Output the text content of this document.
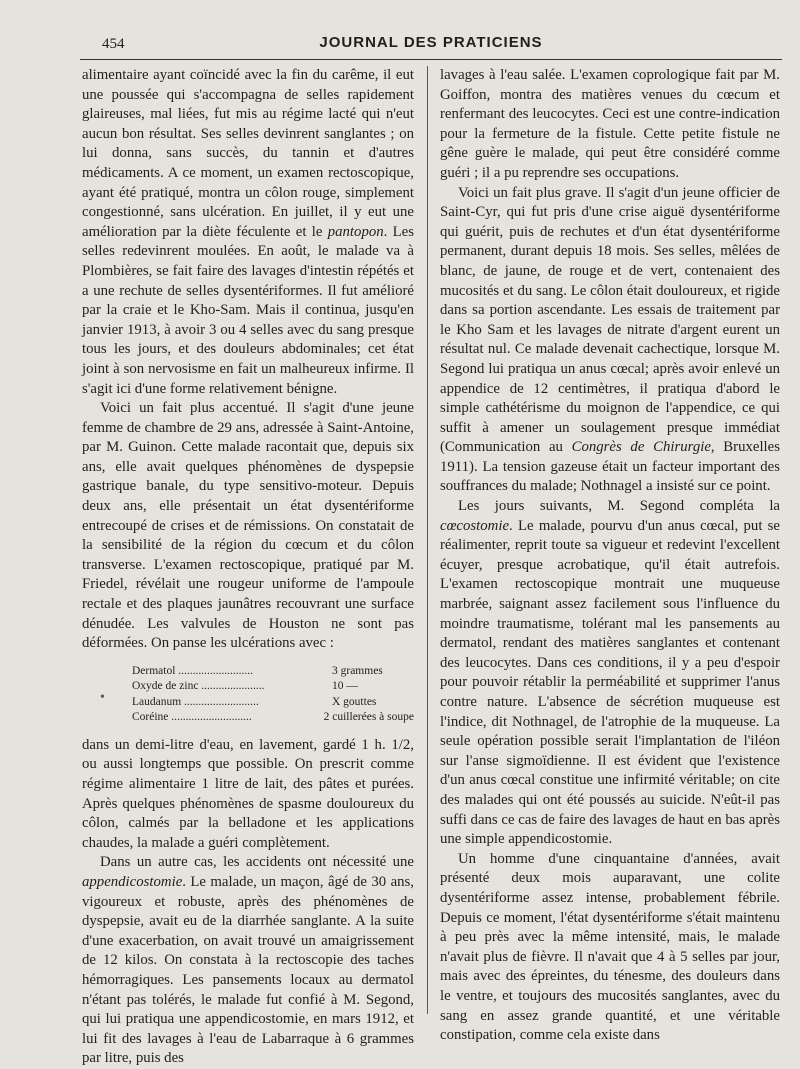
454	JOURNAL DES PRATICIENS

alimentaire ayant coïncidé avec la fin du carême, il eut une poussée qui s'accompagna de selles rapidement glaireuses, mal liées, fut mis au régime lacté qui n'eut aucun bon résultat. Ses selles devinrent sanglantes ; on lui donna, sans succès, du tannin et d'autres médicaments. A ce moment, un examen rectoscopique, ayant été pratiqué, montra un côlon rouge, simplement congestionné, sans ulcération. En juillet, il y eut une amélioration par la diète féculente et le pantopon. Les selles redevinrent moulées. En août, le malade va à Plombières, se fait faire des lavages d'intestin répétés et a une rechute de selles dysentériformes. Il fut amélioré par la craie et le Kho-Sam. Mais il continua, jusqu'en janvier 1913, à avoir 3 ou 4 selles avec du sang presque tous les jours, et des douleurs abdominales; cet état joint à son nervosisme en fait un malheureux infirme. Il s'agit ici d'une forme relativement bénigne.

Voici un fait plus accentué. Il s'agit d'une jeune femme de chambre de 29 ans, adressée à Saint-Antoine, par M. Guinon. Cette malade racontait que, depuis six ans, elle avait quelques phénomènes de dyspepsie gastrique banale, du type sensitivo-moteur. Depuis deux ans, elle présentait un état dysentériforme entrecoupé de crises et de rémissions. On constatait de la sensibilité de la région du cœcum et du côlon transverse. L'examen rectoscopique, pratiqué par M. Friedel, révélait une rougeur uniforme de l'ampoule rectale et des plaques jaunâtres recouvrant une surface dénudée. Les valvules de Houston ne sont pas déformées. On panse les ulcérations avec :

•
Dermatol ..........................	3 grammes
Oxyde de zinc ......................	10 —
Laudanum ..........................	X gouttes
Coréine ............................	2 cuillerées à soupe

dans un demi-litre d'eau, en lavement, gardé 1 h. 1/2, ou aussi longtemps que possible. On prescrit comme régime alimentaire 1 litre de lait, des pâtes et purées. Après quelques phénomènes de spasme douloureux du côlon, calmés par la belladone et les applications chaudes, la malade a guéri complètement.

Dans un autre cas, les accidents ont nécessité une appendicostomie. Le malade, un maçon, âgé de 30 ans, vigoureux et robuste, après des phénomènes de dyspepsie, avait eu de la diarrhée sanglante. A la suite d'une exacerbation, on avait trouvé un amaigrissement de 12 kilos. On constata à la rectoscopie des taches hémorragiques. Les pansements locaux au dermatol n'étant pas tolérés, le malade fut confié à M. Segond, qui lui pratiqua une appendicostomie, en mars 1912, et lui fit des lavages à l'eau de Labarraque à 6 grammes par litre, puis des

lavages à l'eau salée. L'examen coprologique fait par M. Goiffon, montra des matières venues du cœcum et renfermant des leucocytes. Ceci est une contre-indication pour la fermeture de la fistule. Cette petite fistule ne gêne guère le malade, qui peut être considéré comme guéri ; il a pu reprendre ses occupations.

Voici un fait plus grave. Il s'agit d'un jeune officier de Saint-Cyr, qui fut pris d'une crise aiguë dysentériforme qui guérit, puis de rechutes et d'un état dysentériforme permanent, durant depuis 18 mois. Ses selles, mêlées de blanc, de jaune, de rouge et de vert, contenaient des mucosités et du sang. Le côlon était douloureux, et rigide dans sa portion ascendante. Les essais de traitement par le Kho Sam et les lavages de nitrate d'argent eurent un résultat nul. Ce malade devenait cachectique, lorsque M. Segond lui pratiqua un anus cœcal; après avoir enlevé un appendice de 12 centimètres, il pratiqua d'abord le simple cathétérisme du moignon de l'appendice, ce qui suffit à amener un soulagement presque immédiat (Communication au Congrès de Chirurgie, Bruxelles 1911). La tension gazeuse était un facteur important des souffrances du malade; Nothnagel a insisté sur ce point.

Les jours suivants, M. Segond compléta la cœcostomie. Le malade, pourvu d'un anus cœcal, put se réalimenter, reprit toute sa vigueur et redevint l'excellent écuyer, presque acrobatique, qu'il était autrefois. L'examen rectoscopique montrait une muqueuse marbrée, saignant assez facilement sous l'influence du moindre traumatisme, tolérant mal les pansements au dermatol, rendant des matières sanglantes et contenant des leucocytes. Dans ces conditions, il y a peu d'espoir pour pouvoir rétablir la perméabilité et supprimer l'anus contre nature. L'absence de sécrétion muqueuse est l'indice, dit Nothnagel, de l'atrophie de la muqueuse. La seule opération possible serait l'implantation de l'iléon sur l'anse sigmoïdienne. Il est évident que l'existence d'un anus cœcal constitue une infirmité véritable; on cite des malades qui ont été poussés au suicide. N'eût-il pas suffi dans ce cas de faire des lavages de haut en bas après une simple appendicostomie.

Un homme d'une cinquantaine d'années, avait présenté deux mois auparavant, une colite dysentériforme assez intense, probablement fébrile. Depuis ce moment, l'état dysentériforme s'était maintenu à peu près avec la même intensité, mais, le malade n'avait plus de fièvre. Il n'avait que 4 à 5 selles par jour, mais avec des épreintes, du ténesme, des douleurs dans le ventre, et toujours des mucosités sanglantes, avec du sang en assez grande quantité, et une véritable constipation, comme cela existe dans
